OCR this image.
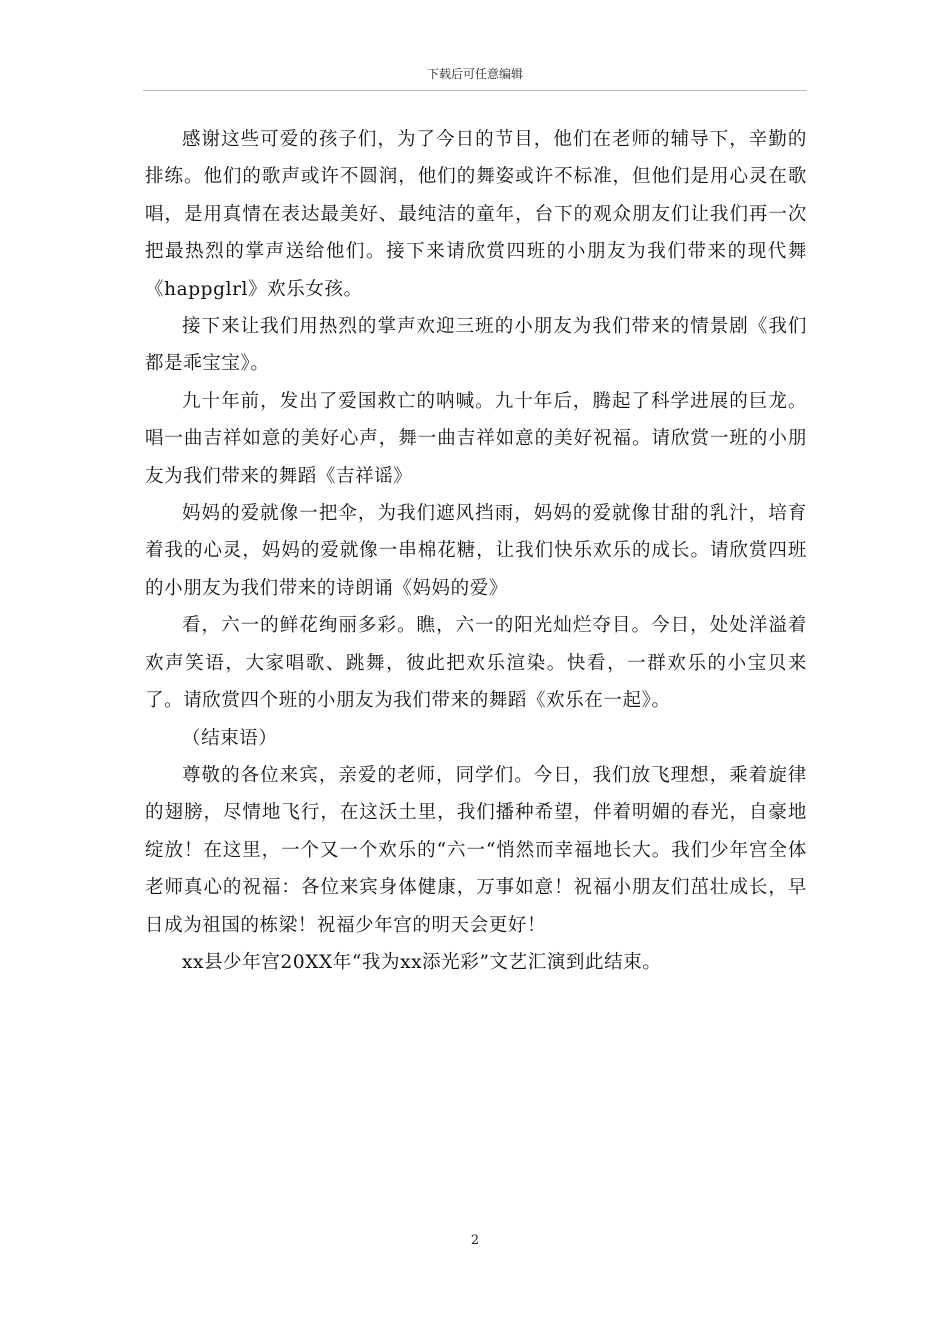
下载后可任意编辑

感谢这些可爱的孩子们，为了今日的节目，他们在老师的辅导下，辛勤的排练。他们的歌声或许不圆润，他们的舞姿或许不标准，但他们是用心灵在歌唱，是用真情在表达最美好、最纯洁的童年，台下的观众朋友们让我们再一次把最热烈的掌声送给他们。接下来请欣赏四班的小朋友为我们带来的现代舞《happglrl》欢乐女孩。

接下来让我们用热烈的掌声欢迎三班的小朋友为我们带来的情景剧《我们都是乖宝宝》。

九十年前，发出了爱国救亡的呐喊。九十年后，腾起了科学进展的巨龙。唱一曲吉祥如意的美好心声，舞一曲吉祥如意的美好祝福。请欣赏一班的小朋友为我们带来的舞蹈《吉祥谣》

妈妈的爱就像一把伞，为我们遮风挡雨，妈妈的爱就像甘甜的乳汁，培育着我的心灵，妈妈的爱就像一串棉花糖，让我们快乐欢乐的成长。请欣赏四班的小朋友为我们带来的诗朗诵《妈妈的爱》

看，六一的鲜花绚丽多彩。瞧，六一的阳光灿烂夺目。今日，处处洋溢着欢声笑语，大家唱歌、跳舞，彼此把欢乐渲染。快看，一群欢乐的小宝贝来了。请欣赏四个班的小朋友为我们带来的舞蹈《欢乐在一起》。

（结束语）

尊敬的各位来宾，亲爱的老师，同学们。今日，我们放飞理想，乘着旋律的翅膀，尽情地飞行，在这沃土里，我们播种希望，伴着明媚的春光，自豪地绽放！在这里，一个又一个欢乐的“六一“悄然而幸福地长大。我们少年宫全体老师真心的祝福：各位来宾身体健康，万事如意！祝福小朋友们茁壮成长，早日成为祖国的栋梁！祝福少年宫的明天会更好！

xx县少年宫20XX年“我为xx添光彩”文艺汇演到此结束。

2
